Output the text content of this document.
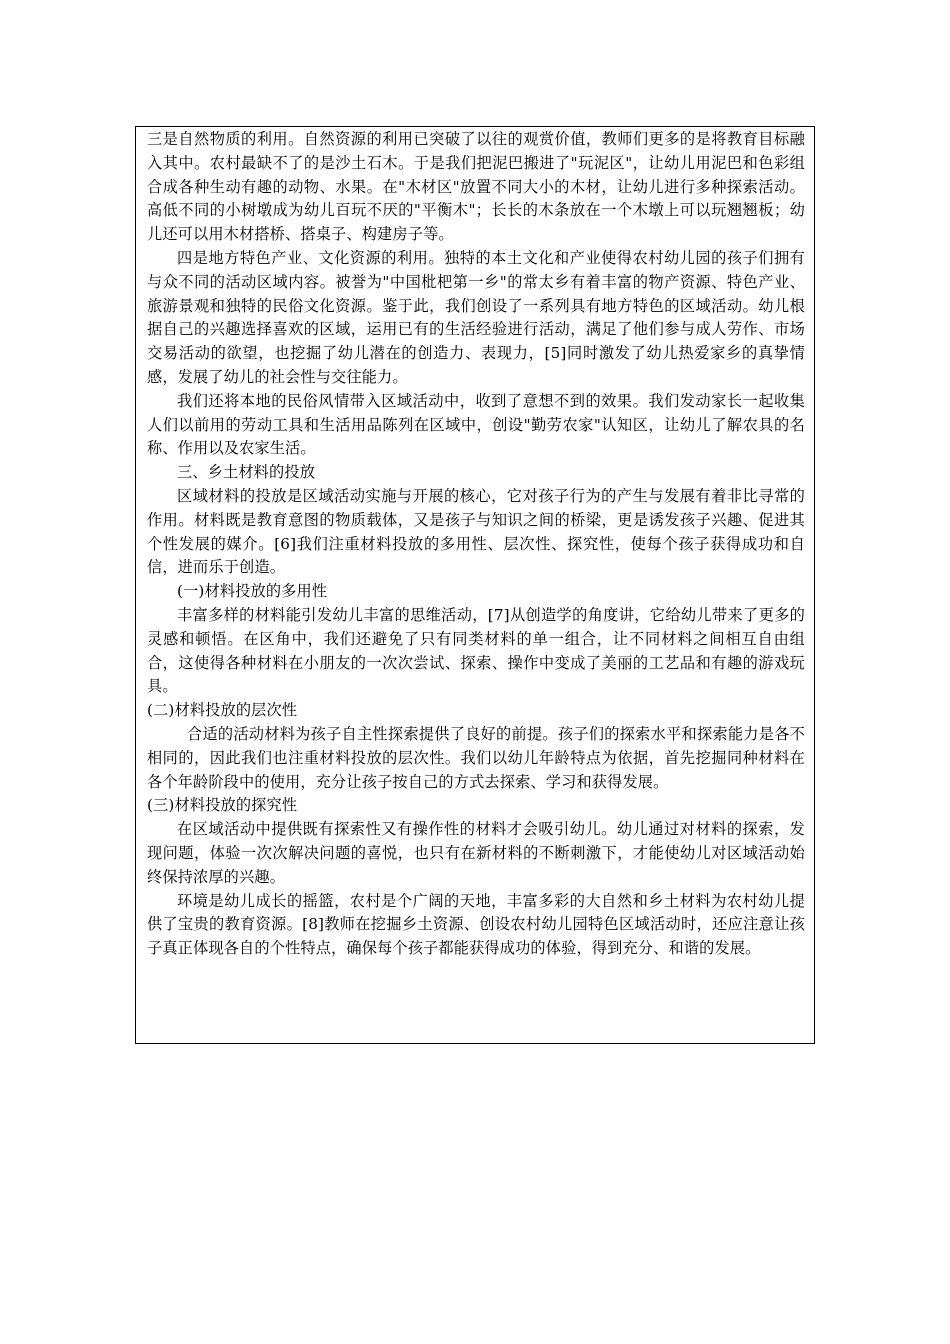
三是自然物质的利用。自然资源的利用已突破了以往的观赏价值，教师们更多的是将教育目标融入其中。农村最缺不了的是沙土石木。于是我们把泥巴搬进了"玩泥区"，让幼儿用泥巴和色彩组合成各种生动有趣的动物、水果。在"木材区"放置不同大小的木材，让幼儿进行多种探索活动。高低不同的小树墩成为幼儿百玩不厌的"平衡木"；长长的木条放在一个木墩上可以玩翘翘板；幼儿还可以用木材搭桥、搭桌子、构建房子等。

四是地方特色产业、文化资源的利用。独特的本土文化和产业使得农村幼儿园的孩子们拥有与众不同的活动区域内容。被誉为"中国枇杷第一乡"的常太乡有着丰富的物产资源、特色产业、旅游景观和独特的民俗文化资源。鉴于此，我们创设了一系列具有地方特色的区域活动。幼儿根据自己的兴趣选择喜欢的区域，运用已有的生活经验进行活动，满足了他们参与成人劳作、市场交易活动的欲望，也挖掘了幼儿潜在的创造力、表现力，[5]同时激发了幼儿热爱家乡的真挚情感，发展了幼儿的社会性与交往能力。

我们还将本地的民俗风情带入区域活动中，收到了意想不到的效果。我们发动家长一起收集人们以前用的劳动工具和生活用品陈列在区域中，创设"勤劳农家"认知区，让幼儿了解农具的名称、作用以及农家生活。

三、乡土材料的投放

区域材料的投放是区域活动实施与开展的核心，它对孩子行为的产生与发展有着非比寻常的作用。材料既是教育意图的物质载体，又是孩子与知识之间的桥梁，更是诱发孩子兴趣、促进其个性发展的媒介。[6]我们注重材料投放的多用性、层次性、探究性，使每个孩子获得成功和自信，进而乐于创造。

(一)材料投放的多用性

丰富多样的材料能引发幼儿丰富的思维活动，[7]从创造学的角度讲，它给幼儿带来了更多的灵感和顿悟。在区角中，我们还避免了只有同类材料的单一组合，让不同材料之间相互自由组合，这使得各种材料在小朋友的一次次尝试、探索、操作中变成了美丽的工艺品和有趣的游戏玩具。

(二)材料投放的层次性

合适的活动材料为孩子自主性探索提供了良好的前提。孩子们的探索水平和探索能力是各不相同的，因此我们也注重材料投放的层次性。我们以幼儿年龄特点为依据，首先挖掘同种材料在各个年龄阶段中的使用，充分让孩子按自己的方式去探索、学习和获得发展。

(三)材料投放的探究性

在区域活动中提供既有探索性又有操作性的材料才会吸引幼儿。幼儿通过对材料的探索，发现问题，体验一次次解决问题的喜悦，也只有在新材料的不断刺激下，才能使幼儿对区域活动始终保持浓厚的兴趣。

环境是幼儿成长的摇篮，农村是个广阔的天地，丰富多彩的大自然和乡土材料为农村幼儿提供了宝贵的教育资源。[8]教师在挖掘乡土资源、创设农村幼儿园特色区域活动时，还应注意让孩子真正体现各自的个性特点，确保每个孩子都能获得成功的体验，得到充分、和谐的发展。
